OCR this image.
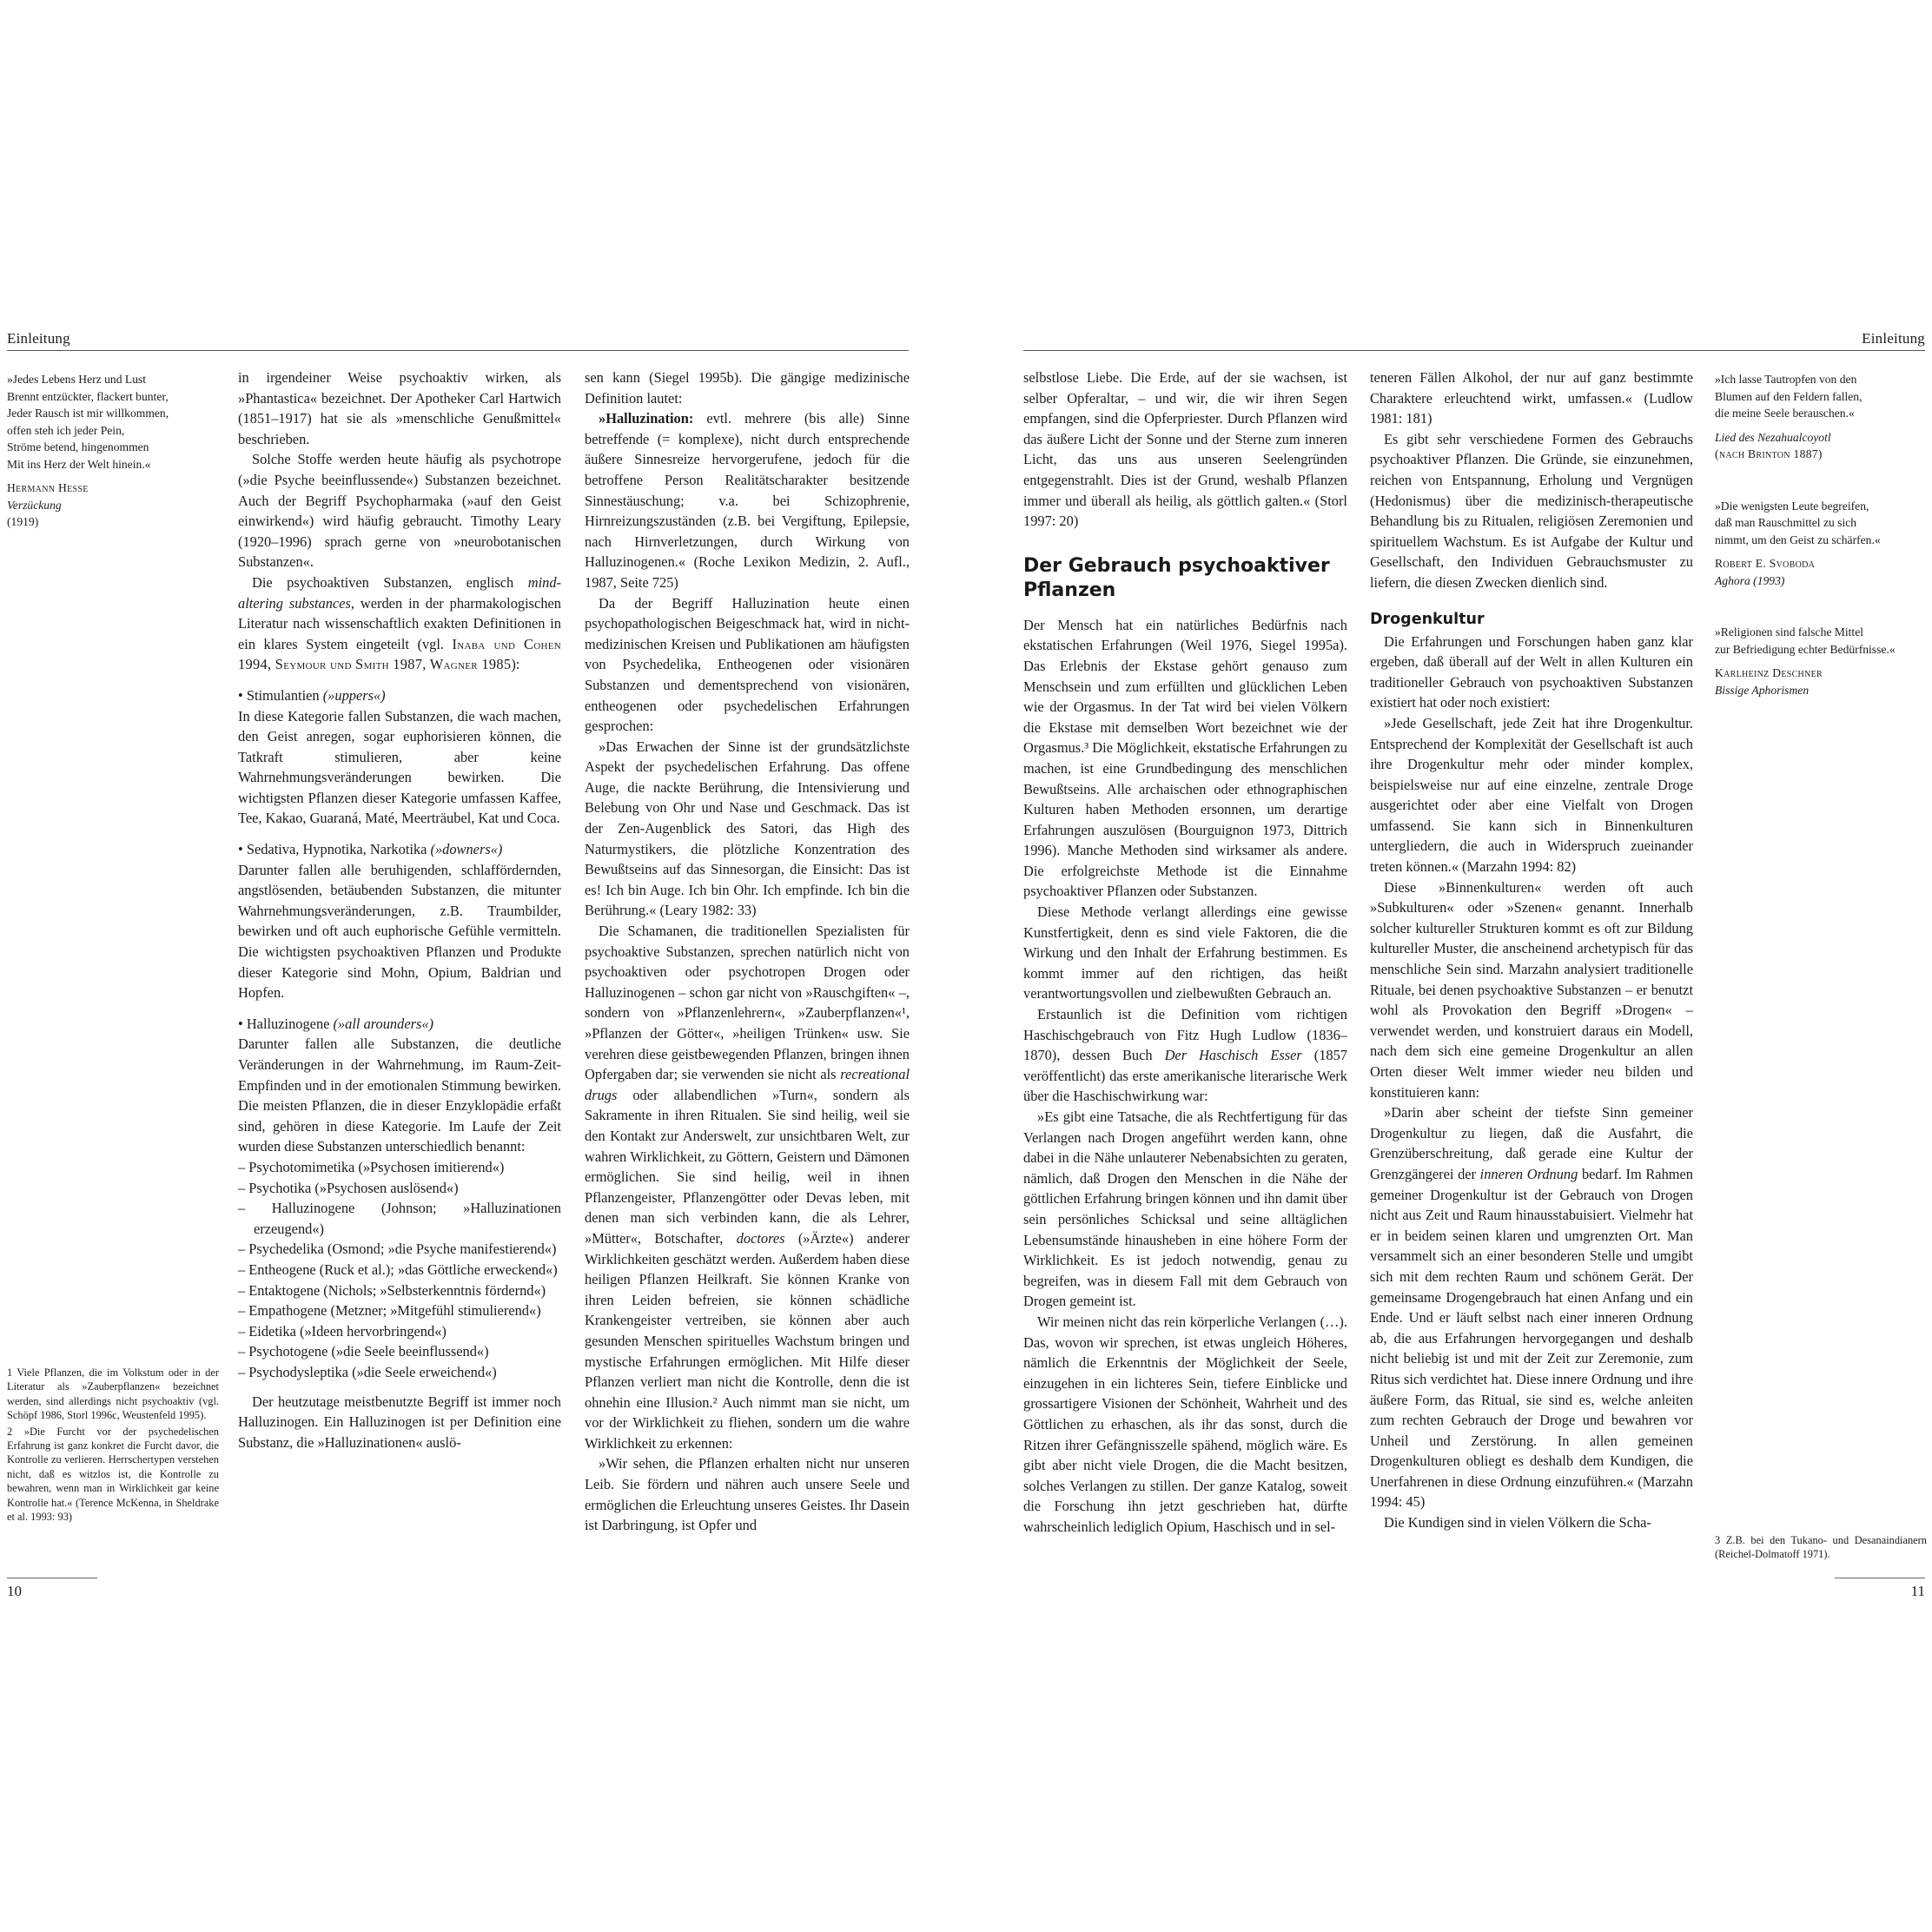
Einleitung

»Jedes Lebens Herz und Lust
Brennt entzückter, flackert bunter,
Jeder Rausch ist mir willkommen,
offen steh ich jeder Pein,
Ströme betend, hingenommen
Mit ins Herz der Welt hinein.«

Hermann Hesse

Verzückung

(1919)

1 Viele Pflanzen, die im Volkstum oder in der Literatur als »Zauberpflanzen« bezeichnet werden, sind allerdings nicht psychoaktiv (vgl. Schöpf 1986, Storl 1996c, Weustenfeld 1995).

2 »Die Furcht vor der psychedelischen Erfahrung ist ganz konkret die Furcht davor, die Kontrolle zu verlieren. Herrschertypen verstehen nicht, daß es witzlos ist, die Kontrolle zu bewahren, wenn man in Wirklichkeit gar keine Kontrolle hat.« (Terence McKenna, in Sheldrake et al. 1993: 93)

10

in irgendeiner Weise psychoaktiv wirken, als »Phantastica« bezeichnet. Der Apotheker Carl Hartwich (1851–1917) hat sie als »menschliche Genußmittel« beschrieben.

Solche Stoffe werden heute häufig als psychotrope (»die Psyche beeinflussende«) Substanzen bezeichnet. Auch der Begriff Psychopharmaka (»auf den Geist einwirkend«) wird häufig gebraucht. Timothy Leary (1920–1996) sprach gerne von »neurobotanischen Substanzen«.

Die psychoaktiven Substanzen, englisch mind-altering substances, werden in der pharmakologischen Literatur nach wissenschaftlich exakten Definitionen in ein klares System eingeteilt (vgl. Inaba und Cohen 1994, Seymour und Smith 1987, Wagner 1985):

• Stimulantien (»uppers«)

In diese Kategorie fallen Substanzen, die wach machen, den Geist anregen, sogar euphorisieren können, die Tatkraft stimulieren, aber keine Wahrnehmungsveränderungen bewirken. Die wichtigsten Pflanzen dieser Kategorie umfassen Kaffee, Tee, Kakao, Guaraná, Maté, Meerträubel, Kat und Coca.

• Sedativa, Hypnotika, Narkotika (»downers«)

Darunter fallen alle beruhigenden, schlaffördernden, angstlösenden, betäubenden Substanzen, die mitunter Wahrnehmungsveränderungen, z.B. Traumbilder, bewirken und oft auch euphorische Gefühle vermitteln. Die wichtigsten psychoaktiven Pflanzen und Produkte dieser Kategorie sind Mohn, Opium, Baldrian und Hopfen.

• Halluzinogene (»all arounders«)

Darunter fallen alle Substanzen, die deutliche Veränderungen in der Wahrnehmung, im Raum-Zeit-Empfinden und in der emotionalen Stimmung bewirken. Die meisten Pflanzen, die in dieser Enzyklopädie erfaßt sind, gehören in diese Kategorie. Im Laufe der Zeit wurden diese Substanzen unterschiedlich benannt:

– Psychotomimetika (»Psychosen imitierend«)

– Psychotika (»Psychosen auslösend«)

– Halluzinogene (Johnson; »Halluzinationen erzeugend«)

– Psychedelika (Osmond; »die Psyche manifestierend«)

– Entheogene (Ruck et al.); »das Göttliche erweckend«)

– Entaktogene (Nichols; »Selbsterkenntnis fördernd«)

– Empathogene (Metzner; »Mitgefühl stimulierend«)

– Eidetika (»Ideen hervorbringend«)

– Psychotogene (»die Seele beeinflussend«)

– Psychodysleptika (»die Seele erweichend«)

Der heutzutage meistbenutzte Begriff ist immer noch Halluzinogen. Ein Halluzinogen ist per Definition eine Substanz, die »Halluzinationen« auslö-

sen kann (Siegel 1995b). Die gängige medizinische Definition lautet:

»Halluzination: evtl. mehrere (bis alle) Sinne betreffende (= komplexe), nicht durch entsprechende äußere Sinnesreize hervorgerufene, jedoch für die betroffene Person Realitätscharakter besitzende Sinnestäuschung; v.a. bei Schizophrenie, Hirnreizungszuständen (z.B. bei Vergiftung, Epilepsie, nach Hirnverletzungen, durch Wirkung von Halluzinogenen.« (Roche Lexikon Medizin, 2. Aufl., 1987, Seite 725)

Da der Begriff Halluzination heute einen psychopathologischen Beigeschmack hat, wird in nicht-medizinischen Kreisen und Publikationen am häufigsten von Psychedelika, Entheogenen oder visionären Substanzen und dementsprechend von visionären, entheogenen oder psychedelischen Erfahrungen gesprochen:

»Das Erwachen der Sinne ist der grundsätzlichste Aspekt der psychedelischen Erfahrung. Das offene Auge, die nackte Berührung, die Intensivierung und Belebung von Ohr und Nase und Geschmack. Das ist der Zen-Augenblick des Satori, das High des Naturmystikers, die plötzliche Konzentration des Bewußtseins auf das Sinnesorgan, die Einsicht: Das ist es! Ich bin Auge. Ich bin Ohr. Ich empfinde. Ich bin die Berührung.« (Leary 1982: 33)

Die Schamanen, die traditionellen Spezialisten für psychoaktive Substanzen, sprechen natürlich nicht von psychoaktiven oder psychotropen Drogen oder Halluzinogenen – schon gar nicht von »Rauschgiften« –, sondern von »Pflanzenlehrern«, »Zauberpflanzen«¹, »Pflanzen der Götter«, »heiligen Trünken« usw. Sie verehren diese geistbewegenden Pflanzen, bringen ihnen Opfergaben dar; sie verwenden sie nicht als recreational drugs oder allabendlichen »Turn«, sondern als Sakramente in ihren Ritualen. Sie sind heilig, weil sie den Kontakt zur Anderswelt, zur unsichtbaren Welt, zur wahren Wirklichkeit, zu Göttern, Geistern und Dämonen ermöglichen. Sie sind heilig, weil in ihnen Pflanzengeister, Pflanzengötter oder Devas leben, mit denen man sich verbinden kann, die als Lehrer, »Mütter«, Botschafter, doctores (»Ärzte«) anderer Wirklichkeiten geschätzt werden. Außerdem haben diese heiligen Pflanzen Heilkraft. Sie können Kranke von ihren Leiden befreien, sie können schädliche Krankengeister vertreiben, sie können aber auch gesunden Menschen spirituelles Wachstum bringen und mystische Erfahrungen ermöglichen. Mit Hilfe dieser Pflanzen verliert man nicht die Kontrolle, denn die ist ohnehin eine Illusion.² Auch nimmt man sie nicht, um vor der Wirklichkeit zu fliehen, sondern um die wahre Wirklichkeit zu erkennen:

»Wir sehen, die Pflanzen erhalten nicht nur unseren Leib. Sie fördern und nähren auch unsere Seele und ermöglichen die Erleuchtung unseres Geistes. Ihr Dasein ist Darbringung, ist Opfer und

Einleitung

selbstlose Liebe. Die Erde, auf der sie wachsen, ist selber Opferaltar, – und wir, die wir ihren Segen empfangen, sind die Opferpriester. Durch Pflanzen wird das äußere Licht der Sonne und der Sterne zum inneren Licht, das uns aus unseren Seelengründen entgegenstrahlt. Dies ist der Grund, weshalb Pflanzen immer und überall als heilig, als göttlich galten.« (Storl 1997: 20)

Der Gebrauch psychoaktiver Pflanzen

Der Mensch hat ein natürliches Bedürfnis nach ekstatischen Erfahrungen (Weil 1976, Siegel 1995a). Das Erlebnis der Ekstase gehört genauso zum Menschsein und zum erfüllten und glücklichen Leben wie der Orgasmus. In der Tat wird bei vielen Völkern die Ekstase mit demselben Wort bezeichnet wie der Orgasmus.³ Die Möglichkeit, ekstatische Erfahrungen zu machen, ist eine Grundbedingung des menschlichen Bewußtseins. Alle archaischen oder ethnographischen Kulturen haben Methoden ersonnen, um derartige Erfahrungen auszulösen (Bourguignon 1973, Dittrich 1996). Manche Methoden sind wirksamer als andere. Die erfolgreichste Methode ist die Einnahme psychoaktiver Pflanzen oder Substanzen.

Diese Methode verlangt allerdings eine gewisse Kunstfertigkeit, denn es sind viele Faktoren, die die Wirkung und den Inhalt der Erfahrung bestimmen. Es kommt immer auf den richtigen, das heißt verantwortungsvollen und zielbewußten Gebrauch an.

Erstaunlich ist die Definition vom richtigen Haschischgebrauch von Fitz Hugh Ludlow (1836–1870), dessen Buch Der Haschisch Esser (1857 veröffentlicht) das erste amerikanische literarische Werk über die Haschischwirkung war:

»Es gibt eine Tatsache, die als Rechtfertigung für das Verlangen nach Drogen angeführt werden kann, ohne dabei in die Nähe unlauterer Nebenabsichten zu geraten, nämlich, daß Drogen den Menschen in die Nähe der göttlichen Erfahrung bringen können und ihn damit über sein persönliches Schicksal und seine alltäglichen Lebensumstände hinausheben in eine höhere Form der Wirklichkeit. Es ist jedoch notwendig, genau zu begreifen, was in diesem Fall mit dem Gebrauch von Drogen gemeint ist.

Wir meinen nicht das rein körperliche Verlangen (…). Das, wovon wir sprechen, ist etwas ungleich Höheres, nämlich die Erkenntnis der Möglichkeit der Seele, einzugehen in ein lichteres Sein, tiefere Einblicke und grossartigere Visionen der Schönheit, Wahrheit und des Göttlichen zu erhaschen, als ihr das sonst, durch die Ritzen ihrer Gefängnisszelle spähend, möglich wäre. Es gibt aber nicht viele Drogen, die die Macht besitzen, solches Verlangen zu stillen. Der ganze Katalog, soweit die Forschung ihn jetzt geschrieben hat, dürfte wahrscheinlich lediglich Opium, Haschisch und in sel-

teneren Fällen Alkohol, der nur auf ganz bestimmte Charaktere erleuchtend wirkt, umfassen.« (Ludlow 1981: 181)

Es gibt sehr verschiedene Formen des Gebrauchs psychoaktiver Pflanzen. Die Gründe, sie einzunehmen, reichen von Entspannung, Erholung und Vergnügen (Hedonismus) über die medizinisch-therapeutische Behandlung bis zu Ritualen, religiösen Zeremonien und spirituellem Wachstum. Es ist Aufgabe der Kultur und Gesellschaft, den Individuen Gebrauchsmuster zu liefern, die diesen Zwecken dienlich sind.

Drogenkultur

Die Erfahrungen und Forschungen haben ganz klar ergeben, daß überall auf der Welt in allen Kulturen ein traditioneller Gebrauch von psychoaktiven Substanzen existiert hat oder noch existiert:

»Jede Gesellschaft, jede Zeit hat ihre Drogenkultur. Entsprechend der Komplexität der Gesellschaft ist auch ihre Drogenkultur mehr oder minder komplex, beispielsweise nur auf eine einzelne, zentrale Droge ausgerichtet oder aber eine Vielfalt von Drogen umfassend. Sie kann sich in Binnenkulturen untergliedern, die auch in Widerspruch zueinander treten können.« (Marzahn 1994: 82)

Diese »Binnenkulturen« werden oft auch »Subkulturen« oder »Szenen« genannt. Innerhalb solcher kultureller Strukturen kommt es oft zur Bildung kultureller Muster, die anscheinend archetypisch für das menschliche Sein sind. Marzahn analysiert traditionelle Rituale, bei denen psychoaktive Substanzen – er benutzt wohl als Provokation den Begriff »Drogen« – verwendet werden, und konstruiert daraus ein Modell, nach dem sich eine gemeine Drogenkultur an allen Orten dieser Welt immer wieder neu bilden und konstituieren kann:

»Darin aber scheint der tiefste Sinn gemeiner Drogenkultur zu liegen, daß die Ausfahrt, die Grenzüberschreitung, daß gerade eine Kultur der Grenzgängerei der inneren Ordnung bedarf. Im Rahmen gemeiner Drogenkultur ist der Gebrauch von Drogen nicht aus Zeit und Raum hinausstabuisiert. Vielmehr hat er in beidem seinen klaren und umgrenzten Ort. Man versammelt sich an einer besonderen Stelle und umgibt sich mit dem rechten Raum und schönem Gerät. Der gemeinsame Drogengebrauch hat einen Anfang und ein Ende. Und er läuft selbst nach einer inneren Ordnung ab, die aus Erfahrungen hervorgegangen und deshalb nicht beliebig ist und mit der Zeit zur Zeremonie, zum Ritus sich verdichtet hat. Diese innere Ordnung und ihre äußere Form, das Ritual, sie sind es, welche anleiten zum rechten Gebrauch der Droge und bewahren vor Unheil und Zerstörung. In allen gemeinen Drogenkulturen obliegt es deshalb dem Kundigen, die Unerfahrenen in diese Ordnung einzuführen.« (Marzahn 1994: 45)

Die Kundigen sind in vielen Völkern die Scha-

»Ich lasse Tautropfen von den
Blumen auf den Feldern fallen,
die meine Seele berauschen.«

Lied des Nezahualcoyotl

(nach Brinton 1887)

»Die wenigsten Leute begreifen,
daß man Rauschmittel zu sich
nimmt, um den Geist zu schärfen.«

Robert E. Svoboda

Aghora (1993)

»Religionen sind falsche Mittel
zur Befriedigung echter Bedürfnisse.«

Karlheinz Deschner

Bissige Aphorismen

3 Z.B. bei den Tukano- und Desanaindianern (Reichel-Dolmatoff 1971).

11
